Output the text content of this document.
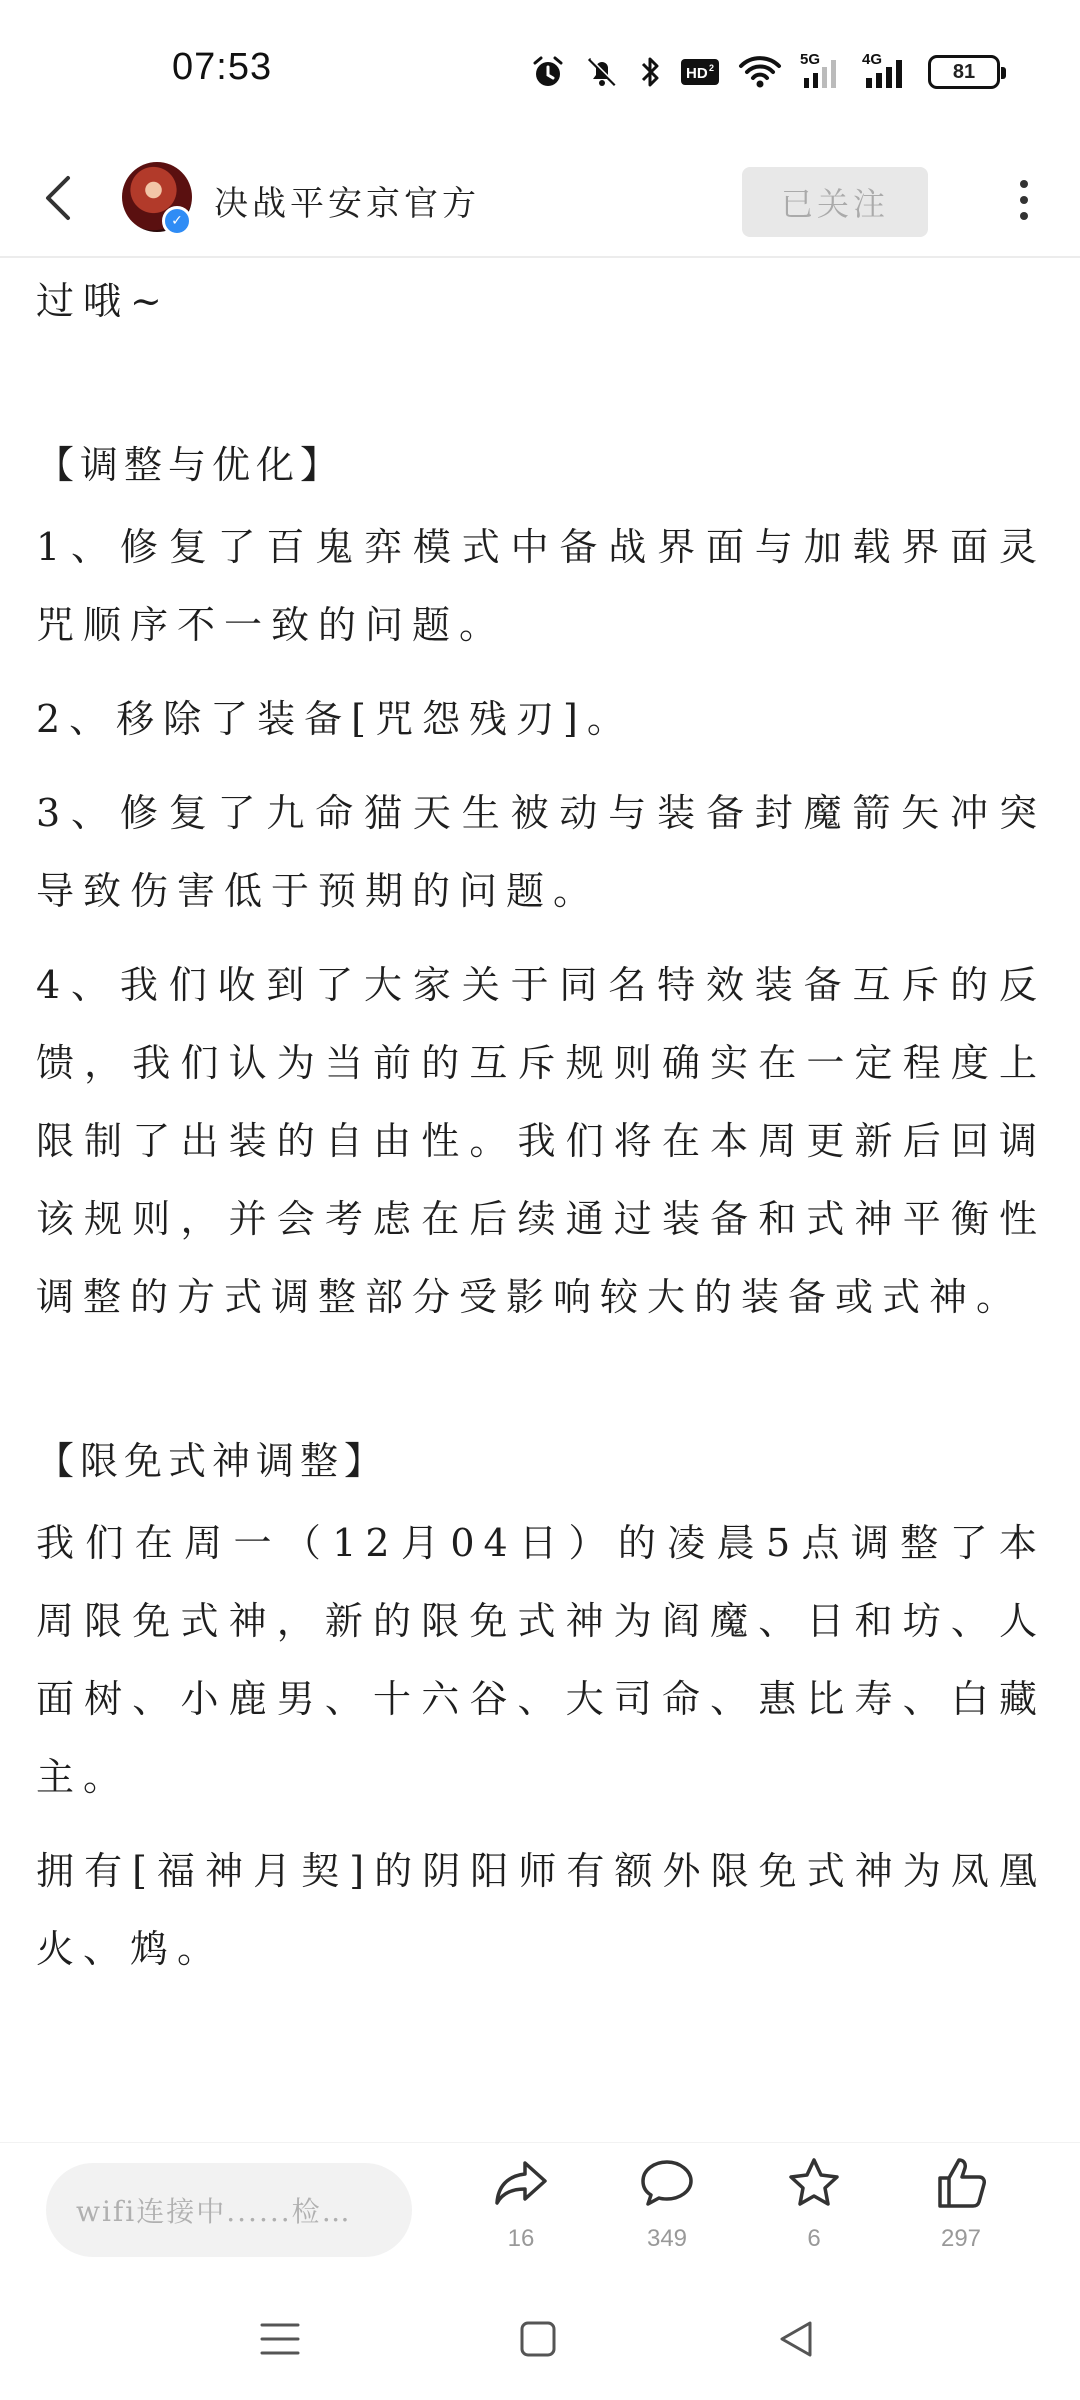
07:53	HD 2	5G	4G
81
✓ 决战平安京官方	已关注

过哦~

【调整与优化】

1、修复了百鬼弈模式中备战界面与加载界面灵咒顺序不一致的问题。

2、移除了装备[咒怨残刃]。

3、修复了九命猫天生被动与装备封魔箭矢冲突导致伤害低于预期的问题。

4、我们收到了大家关于同名特效装备互斥的反馈，我们认为当前的互斥规则确实在一定程度上限制了出装的自由性。我们将在本周更新后回调该规则，并会考虑在后续通过装备和式神平衡性调整的方式调整部分受影响较大的装备或式神。

【限免式神调整】

我们在周一（12月04日）的凌晨5点调整了本周限免式神，新的限免式神为阎魔、日和坊、人面树、小鹿男、十六谷、大司命、惠比寿、白藏主。

拥有[福神月契]的阴阳师有额外限免式神为凤凰火、鸩。

wifi连接中......检…
16	349	6	297
